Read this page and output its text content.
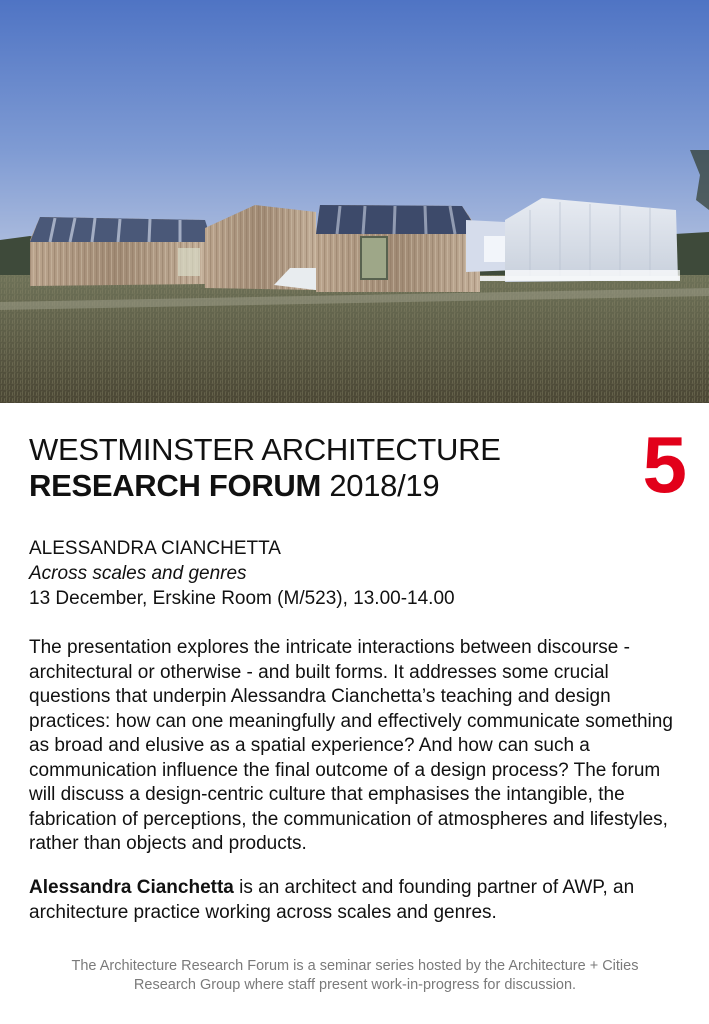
WESTMINSTER ARCHITECTURE
RESEARCH FORUM 2018/19	5
ALESSANDRA CIANCHETTA
Across scales and genres
13 December, Erskine Room (M/523), 13.00-14.00
The presentation explores the intricate interactions between discourse - architectural or otherwise - and built forms. It addresses some crucial questions that underpin Alessandra Cianchetta’s teaching and design practices: how can one meaningfully and effectively communicate something as broad and elusive as a spatial experience? And how can such a communication influence the final outcome of a design process? The forum will discuss a design-centric culture that emphasises the intangible, the fabrication of perceptions, the communication of atmospheres and lifestyles, rather than objects and products.
Alessandra Cianchetta is an architect and founding partner of AWP, an architecture practice working across scales and genres.
The Architecture Research Forum is a seminar series hosted by the Architecture + Cities
Research Group where staff present work-in-progress for discussion.
